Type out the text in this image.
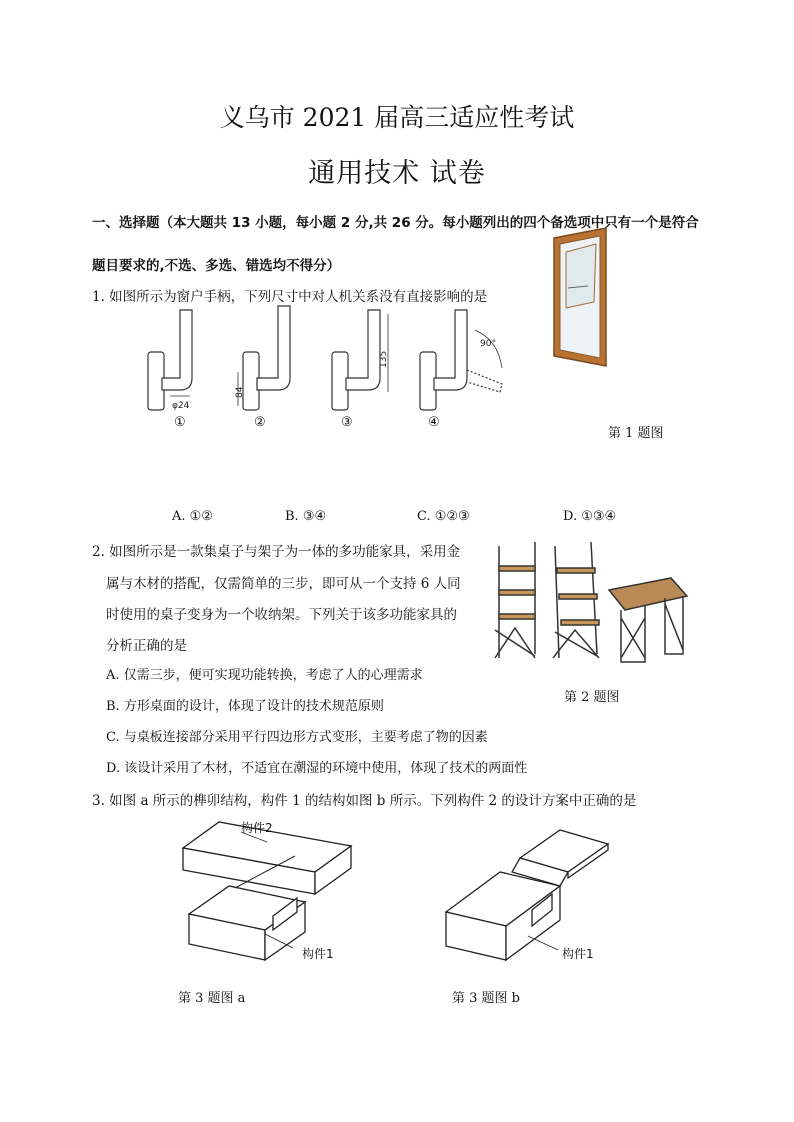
义乌市 2021 届高三适应性考试
通用技术 试卷
一、选择题（本大题共 13 小题，每小题 2 分,共 26 分。每小题列出的四个备选项中只有一个是符合
题目要求的,不选、多选、错选均不得分）
1. 如图所示为窗户手柄，下列尺寸中对人机关系没有直接影响的是
φ24
84
135
90°
①	②	③	④
第 1 题图
A. ①②	B. ③④	C. ①②③	D. ①③④
2. 如图所示是一款集桌子与架子为一体的多功能家具，采用金
属与木材的搭配，仅需简单的三步，即可从一个支持 6 人同
时使用的桌子变身为一个收纳架。下列关于该多功能家具的
分析正确的是
第 2 题图
A. 仅需三步，便可实现功能转换，考虑了人的心理需求
B. 方形桌面的设计，体现了设计的技术规范原则
C. 与桌板连接部分采用平行四边形方式变形，主要考虑了物的因素
D. 该设计采用了木材，不适宜在潮湿的环境中使用，体现了技术的两面性
3. 如图 a 所示的榫卯结构，构件 1 的结构如图 b 所示。下列构件 2 的设计方案中正确的是
构件2
构件1
第 3 题图 a
构件1
第 3 题图 b
